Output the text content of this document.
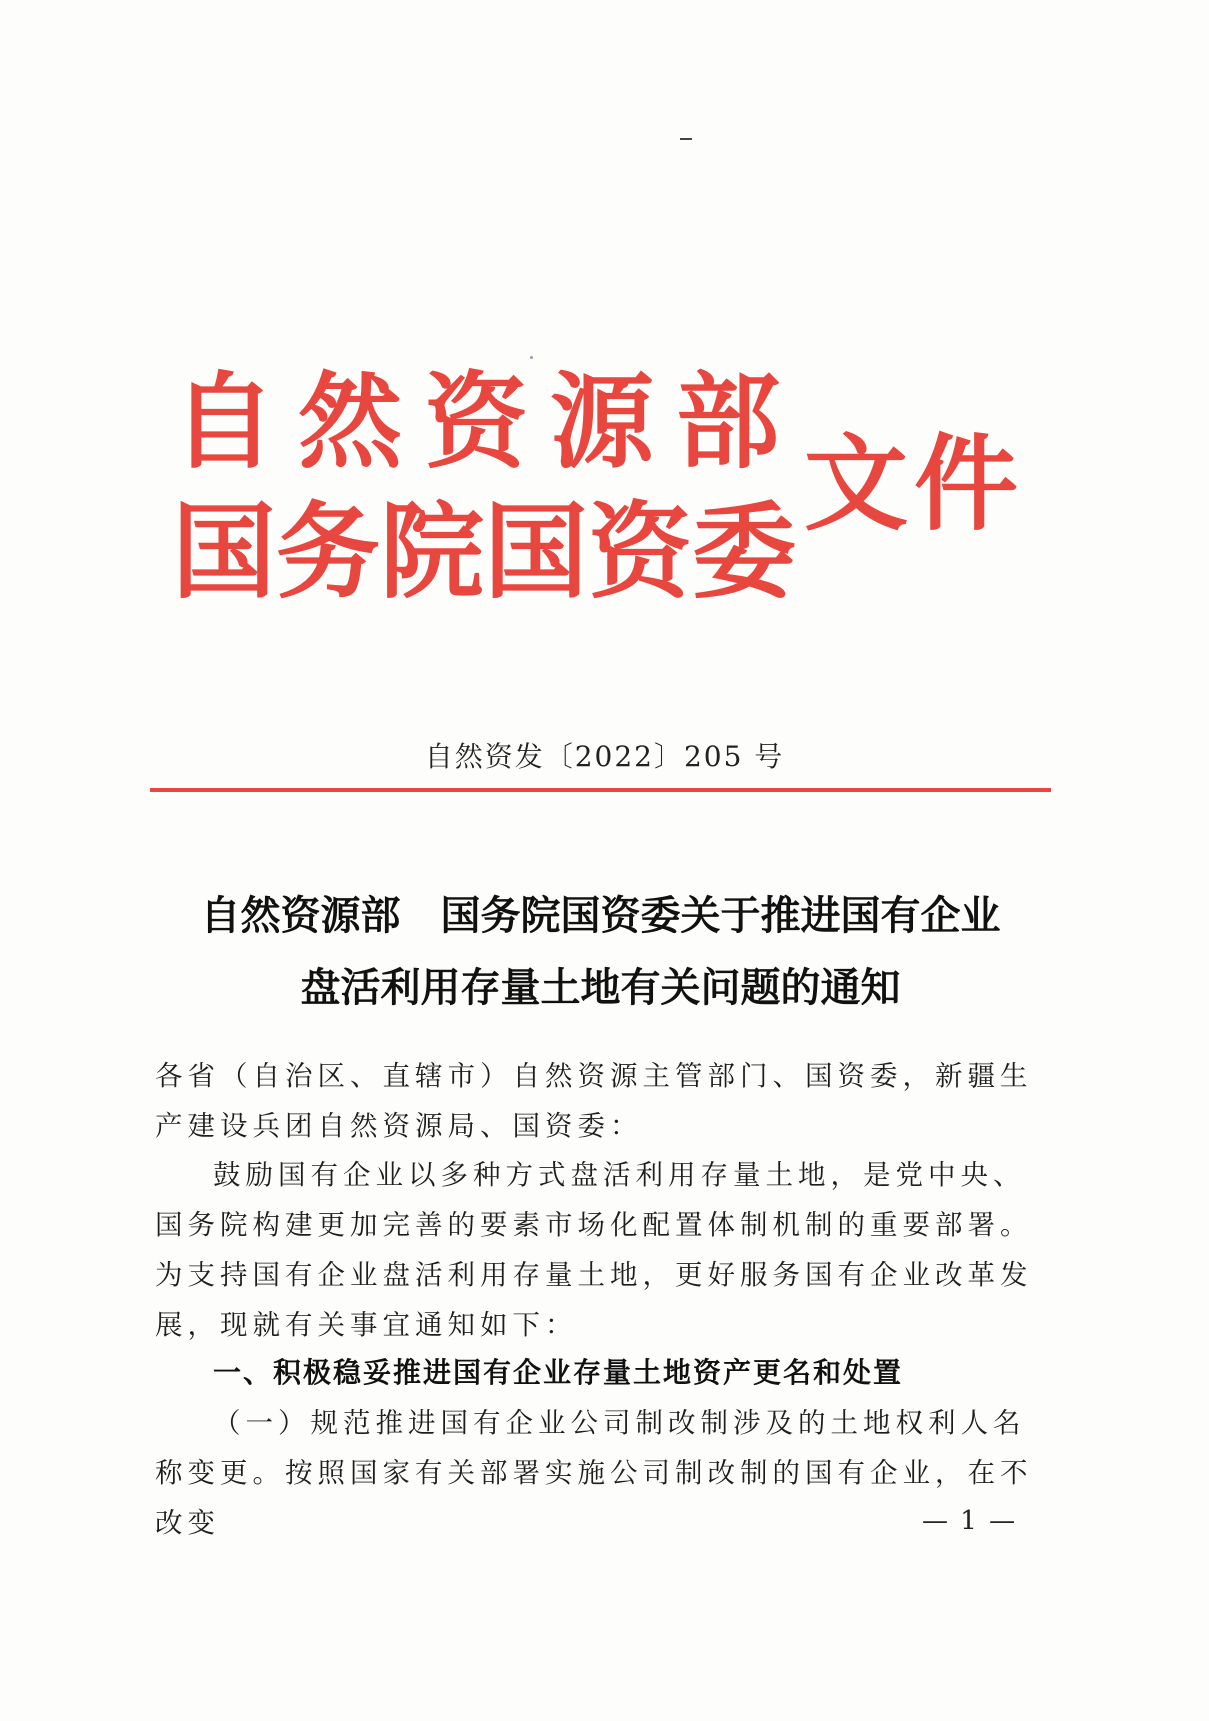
自然资源部
国务院国资委
文件
自然资发〔2022〕205 号
自然资源部　国务院国资委关于推进国有企业
盘活利用存量土地有关问题的通知
各省（自治区、直辖市）自然资源主管部门、国资委，新疆生产建设兵团自然资源局、国资委：
鼓励国有企业以多种方式盘活利用存量土地，是党中央、国务院构建更加完善的要素市场化配置体制机制的重要部署。为支持国有企业盘活利用存量土地，更好服务国有企业改革发展，现就有关事宜通知如下：
一、积极稳妥推进国有企业存量土地资产更名和处置
（一）规范推进国有企业公司制改制涉及的土地权利人名称变更。按照国家有关部署实施公司制改制的国有企业，在不改变	— 1 —
